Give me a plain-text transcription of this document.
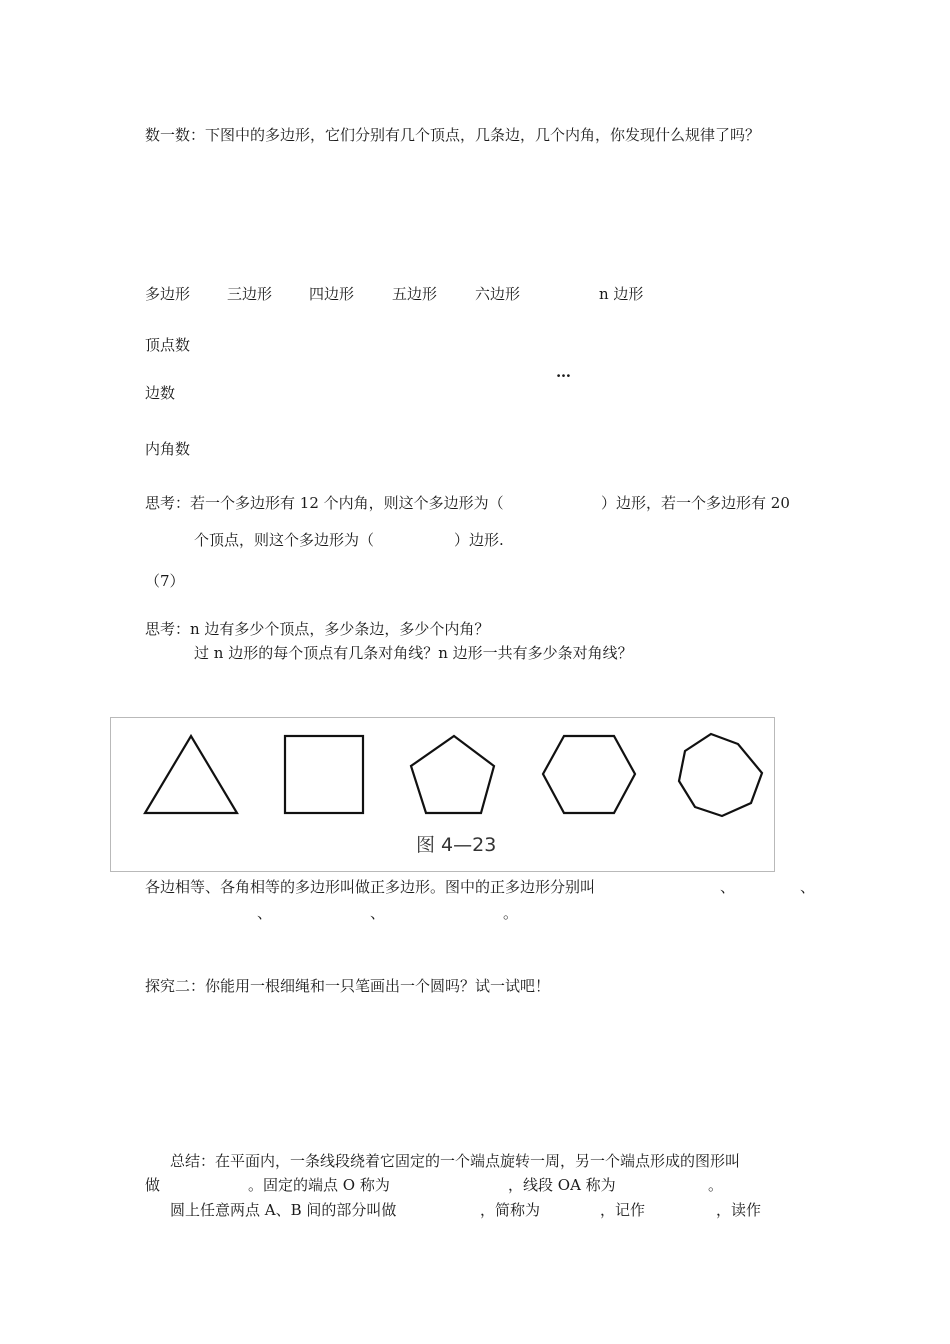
数一数：下图中的多边形，它们分别有几个顶点，几条边，几个内角，你发现什么规律了吗？
多边形 三边形 四边形	五边形	六边形	n 边形
顶点数
…
边数
内角数
思考：若一个多边形有 12 个内角，则这个多边形为（	）边形，若一个多边形有 20
个顶点，则这个多边形为（	）边形.
（7）
思考：n 边有多少个顶点，多少条边，多少个内角？
过 n 边形的每个顶点有几条对角线？n 边形一共有多少条对角线？
图 4—23
各边相等、各角相等的多边形叫做正多边形。图中的正多边形分别叫	、	、
、	、	。
探究二：你能用一根细绳和一只笔画出一个圆吗？试一试吧！
总结：在平面内，一条线段绕着它固定的一个端点旋转一周，另一个端点形成的图形叫
做	。固定的端点 O 称为	，线段 OA 称为	。
圆上任意两点 A、B 间的部分叫做	，简称为	，记作	，读作
